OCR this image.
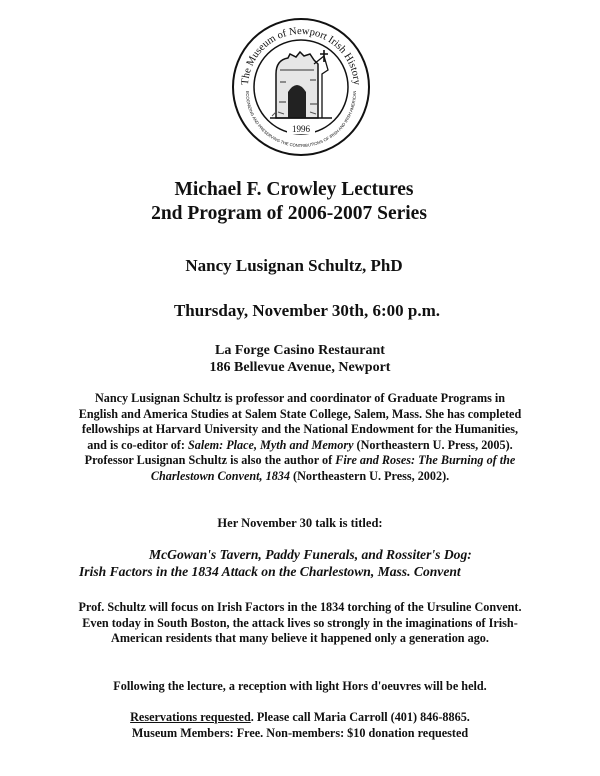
The Museum of Newport Irish History
ECOGNIZING AND PRESERVING THE CONTRIBUTIONS OF IRISH AND IRISH AMERICAN
1996

Michael F. Crowley Lectures

2nd Program of 2006-2007 Series

Nancy Lusignan Schultz, PhD
Thursday, November 30th, 6:00 p.m.
La Forge Casino Restaurant
186 Bellevue Avenue, Newport
Nancy Lusignan Schultz is professor and coordinator of Graduate Programs in English and America Studies at Salem State College, Salem, Mass. She has completed fellowships at Harvard University and the National Endowment for the Humanities, and is co-editor of: Salem: Place, Myth and Memory (Northeastern U. Press, 2005). Professor Lusignan Schultz is also the author of Fire and Roses: The Burning of the Charlestown Convent, 1834 (Northeastern U. Press, 2002).
Her November 30 talk is titled:
McGowan's Tavern, Paddy Funerals, and Rossiter's Dog:
Irish Factors in the 1834 Attack on the Charlestown, Mass. Convent
Prof. Schultz will focus on Irish Factors in the 1834 torching of the Ursuline Convent. Even today in South Boston, the attack lives so strongly in the imaginations of Irish-American residents that many believe it happened only a generation ago.
Following the lecture, a reception with light Hors d'oeuvres will be held.
Reservations requested. Please call Maria Carroll (401) 846-8865.
Museum Members: Free. Non-members: $10 donation requested
